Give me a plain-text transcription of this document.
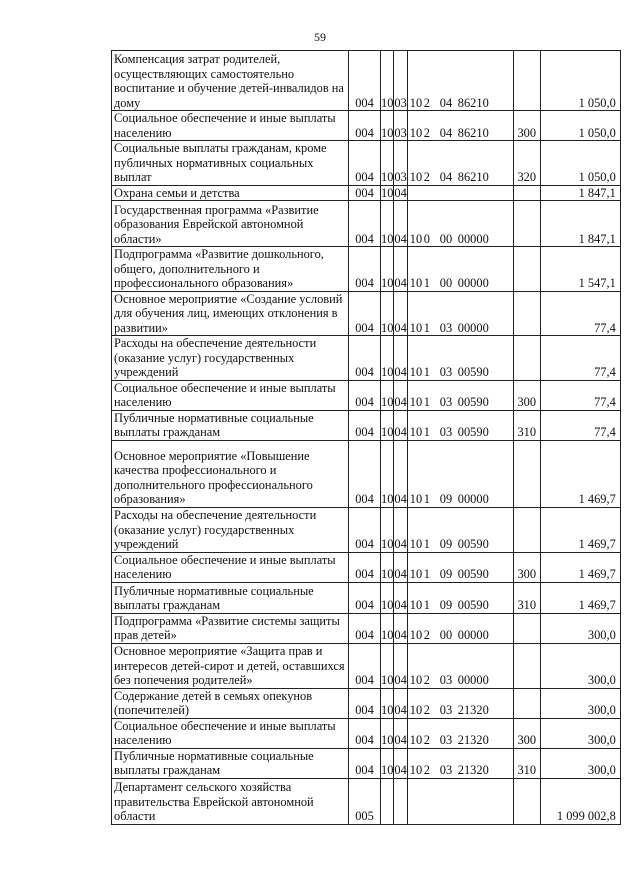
59
Компенсация затрат родителей, осуществляющих самостоятельно воспитание и обучение детей-инвалидов на дому	004	10	03	10 2 04 86210		1 050,0
Социальное обеспечение и иные выплаты населению	004	10	03	10 2 04 86210	300	1 050,0
Социальные выплаты гражданам, кроме публичных нормативных социальных выплат	004	10	03	10 2 04 86210	320	1 050,0
Охрана семьи и детства	004	10	04			1 847,1
Государственная программа «Развитие образования Еврейской автономной области»	004	10	04	10 0 00 00000		1 847,1
Подпрограмма «Развитие дошкольного, общего, дополнительного и профессионального образования»	004	10	04	10 1 00 00000		1 547,1
Основное мероприятие «Создание условий для обучения лиц, имеющих отклонения в развитии»	004	10	04	10 1 03 00000		77,4
Расходы на обеспечение деятельности (оказание услуг) государственных учреждений	004	10	04	10 1 03 00590		77,4
Социальное обеспечение и иные выплаты населению	004	10	04	10 1 03 00590	300	77,4
Публичные нормативные социальные выплаты гражданам	004	10	04	10 1 03 00590	310	77,4
Основное мероприятие «Повышение качества профессионального и дополнительного профессионального образования»	004	10	04	10 1 09 00000		1 469,7
Расходы на обеспечение деятельности (оказание услуг) государственных учреждений	004	10	04	10 1 09 00590		1 469,7
Социальное обеспечение и иные выплаты населению	004	10	04	10 1 09 00590	300	1 469,7
Публичные нормативные социальные выплаты гражданам	004	10	04	10 1 09 00590	310	1 469,7
Подпрограмма «Развитие системы защиты прав детей»	004	10	04	10 2 00 00000		300,0
Основное мероприятие «Защита прав и интересов детей-сирот и детей, оставшихся без попечения родителей»	004	10	04	10 2 03 00000		300,0
Содержание детей в семьях опекунов (попечителей)	004	10	04	10 2 03 21320		300,0
Социальное обеспечение и иные выплаты населению	004	10	04	10 2 03 21320	300	300,0
Публичные нормативные социальные выплаты гражданам	004	10	04	10 2 03 21320	310	300,0
Департамент сельского хозяйства правительства Еврейской автономной области	005					1 099 002,8
